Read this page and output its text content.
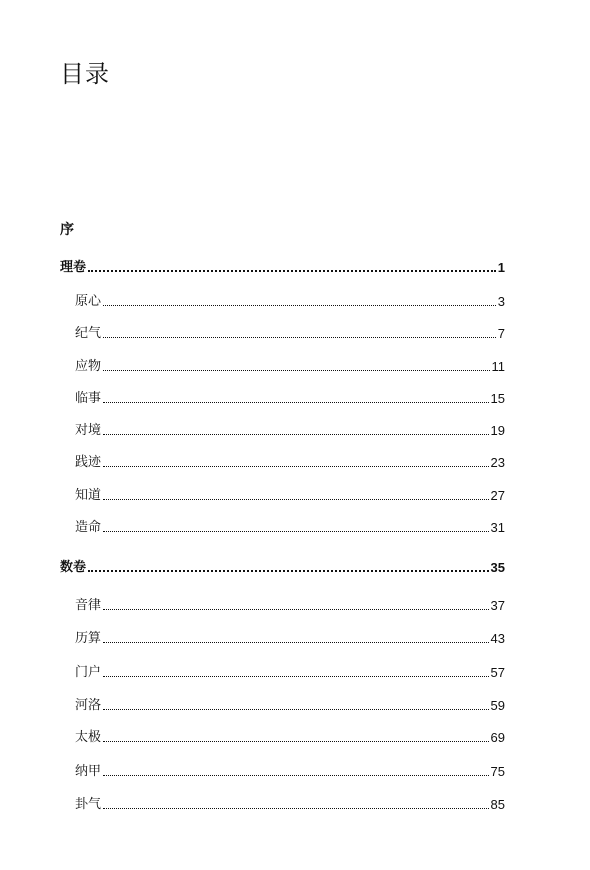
目录
序
理卷	1
原心	3
纪气	7
应物	11
临事	15
对境	19
践迹	23
知道	27
造命	31
数卷	35
音律	37
历算	43
门户	57
河洛	59
太极	69
纳甲	75
卦气	85
